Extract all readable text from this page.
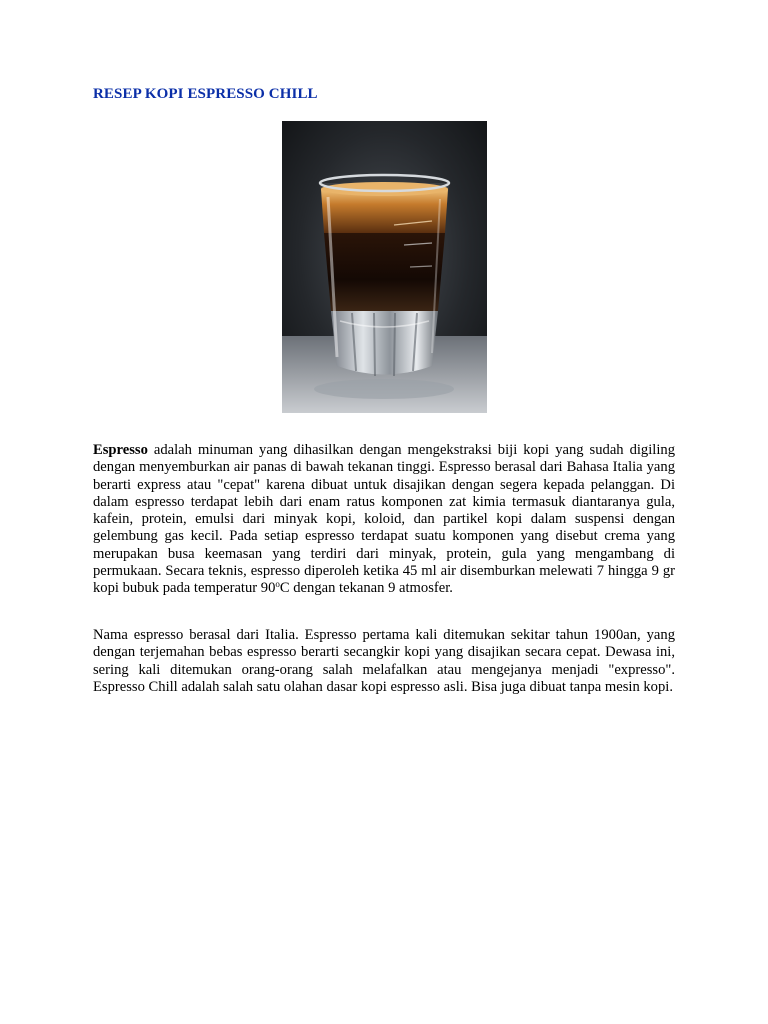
RESEP KOPI ESPRESSO CHILL

Espresso adalah minuman yang dihasilkan dengan mengekstraksi biji kopi yang sudah digiling dengan menyemburkan air panas di bawah tekanan tinggi. Espresso berasal dari Bahasa Italia yang berarti express atau "cepat" karena dibuat untuk disajikan dengan segera kepada pelanggan. Di dalam espresso terdapat lebih dari enam ratus komponen zat kimia termasuk diantaranya gula, kafein, protein, emulsi dari minyak kopi, koloid, dan partikel kopi dalam suspensi dengan gelembung gas kecil. Pada setiap espresso terdapat suatu komponen yang disebut crema yang merupakan busa keemasan yang terdiri dari minyak, protein, gula yang mengambang di permukaan. Secara teknis, espresso diperoleh ketika 45 ml air disemburkan melewati 7 hingga 9 gr kopi bubuk pada temperatur 90$^o$C dengan tekanan 9 atmosfer.

Nama espresso berasal dari Italia. Espresso pertama kali ditemukan sekitar tahun 1900an, yang dengan terjemahan bebas espresso berarti secangkir kopi yang disajikan secara cepat. Dewasa ini, sering kali ditemukan orang-orang salah melafalkan atau mengejanya menjadi "expresso". Espresso Chill adalah salah satu olahan dasar kopi espresso asli. Bisa juga dibuat tanpa mesin kopi.
